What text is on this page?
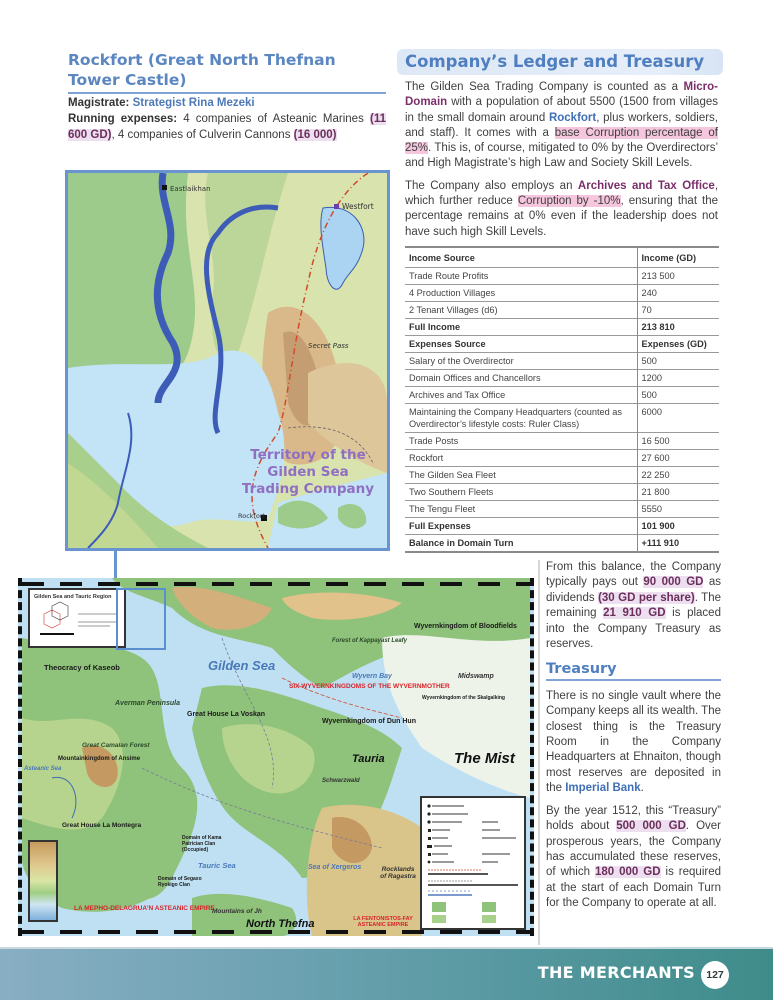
Rockfort (Great North Thefnan Tower Castle)

Magistrate: Strategist Rina Mezeki

Running expenses: 4 companies of Asteanic Marines (11 600 GD), 4 companies of Culverin Cannons (16 000)

Eastlaikhan
Westfort
Secret Pass
Rockfort
Territory of the Gilden Sea Trading Company
Company’s Ledger and Treasury

The Gilden Sea Trading Company is counted as a Micro-Domain with a population of about 5500 (1500 from villages in the small domain around Rockfort, plus workers, soldiers, and staff). It comes with a base Corruption percentage of 25%. This is, of course, mitigated to 0% by the Overdirectors’ and High Magistrate’s high Law and Society Skill Levels.

The Company also employs an Archives and Tax Office, which further reduce Corruption by -10%, ensuring that the percentage remains at 0% even if the leadership does not have such high Skill Levels.

Income Source	Income (GD)
Trade Route Profits	213 500
4 Production Villages	240
2 Tenant Villages (d6)	70
Full Income	213 810
Expenses Source	Expenses (GD)
Salary of the Overdirector	500
Domain Offices and Chancellors	1200
Archives and Tax Office	500
Maintaining the Company Headquarters (counted as Overdirector’s lifestyle costs: Ruler Class)	6000
Trade Posts	16 500
Rockfort	27 600
The Gilden Sea Fleet	22 250
Two Southern Fleets	21 800
The Tengu Fleet	5550
Full Expenses	101 900
Balance in Domain Turn	+111 910

From this balance, the Company typically pays out 90 000 GD as dividends (30 GD per share). The remaining 21 910 GD is placed into the Company Treasury as reserves.

Treasury

There is no single vault where the Company keeps all its wealth. The closest thing is the Treasury Room in the Company Headquarters at Ehnaiton, though most reserves are deposited in the Imperial Bank.

By the year 1512, this “Treasury” holds about 500 000 GD. Over prosperous years, the Company has accumulated these reserves, of which 180 000 GD is required at the start of each Domain Turn for the Company to operate at all.

Gilden Sea and Tauric Region
Theocracy of Kaseob	Gilden Sea
Averman Peninsula
Great House La Voskan
Great Camalan Forest
Mountainkingdom of Ansime
Asteanic Sea
Wyvernkingdom of Bloodfields
Forest of Kappayast Leafy
Wyvern Bay	Midswamp
SIX WYVERNKINGDOMS OF THE WYVERNMOTHER
Wyvernkingdom of the Skalgalking
Wyvernkingdom of Dun Hun
Tauria	The Mist
Great House La Montegra
Domain of Kama Patrician Clan (Occupied)
Tauric Sea
Domain of Segaxo Ryokigo Clan
LA MEPHO-DELAGRUA’N ASTEANIC EMPIRE
Sea of Xergeros	Rocklands of Ragastra
Mountains of Jh
North Thefna	LA FENTONISTOS-FAY ASTEANIC EMPIRE
Schwarzwald
THE MERCHANTS	127
